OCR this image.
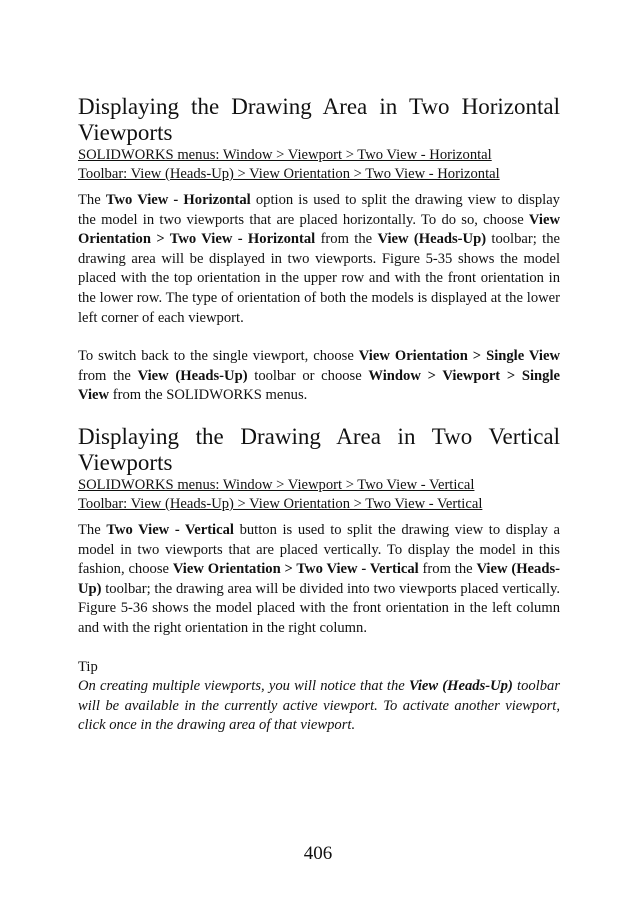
Displaying the Drawing Area in Two Horizontal Viewports
SOLIDWORKS menus: Window > Viewport > Two View - Horizontal
Toolbar: View (Heads-Up) > View Orientation > Two View - Horizontal

The Two View - Horizontal option is used to split the drawing view to display the model in two viewports that are placed horizontally. To do so, choose View Orientation > Two View - Horizontal from the View (Heads-Up) toolbar; the drawing area will be displayed in two viewports. Figure 5-35 shows the model placed with the top orientation in the upper row and with the front orientation in the lower row. The type of orientation of both the models is displayed at the lower left corner of each viewport.

To switch back to the single viewport, choose View Orientation > Single View from the View (Heads-Up) toolbar or choose Window > Viewport > Single View from the SOLIDWORKS menus.

Displaying the Drawing Area in Two Vertical Viewports
SOLIDWORKS menus: Window > Viewport > Two View - Vertical
Toolbar: View (Heads-Up) > View Orientation > Two View - Vertical

The Two View - Vertical button is used to split the drawing view to display a model in two viewports that are placed vertically. To display the model in this fashion, choose View Orientation > Two View - Vertical from the View (Heads-Up) toolbar; the drawing area will be divided into two viewports placed vertically. Figure 5-36 shows the model placed with the front orientation in the left column and with the right orientation in the right column.

Tip

On creating multiple viewports, you will notice that the View (Heads-Up) toolbar will be available in the currently active viewport. To activate another viewport, click once in the drawing area of that viewport.

406
